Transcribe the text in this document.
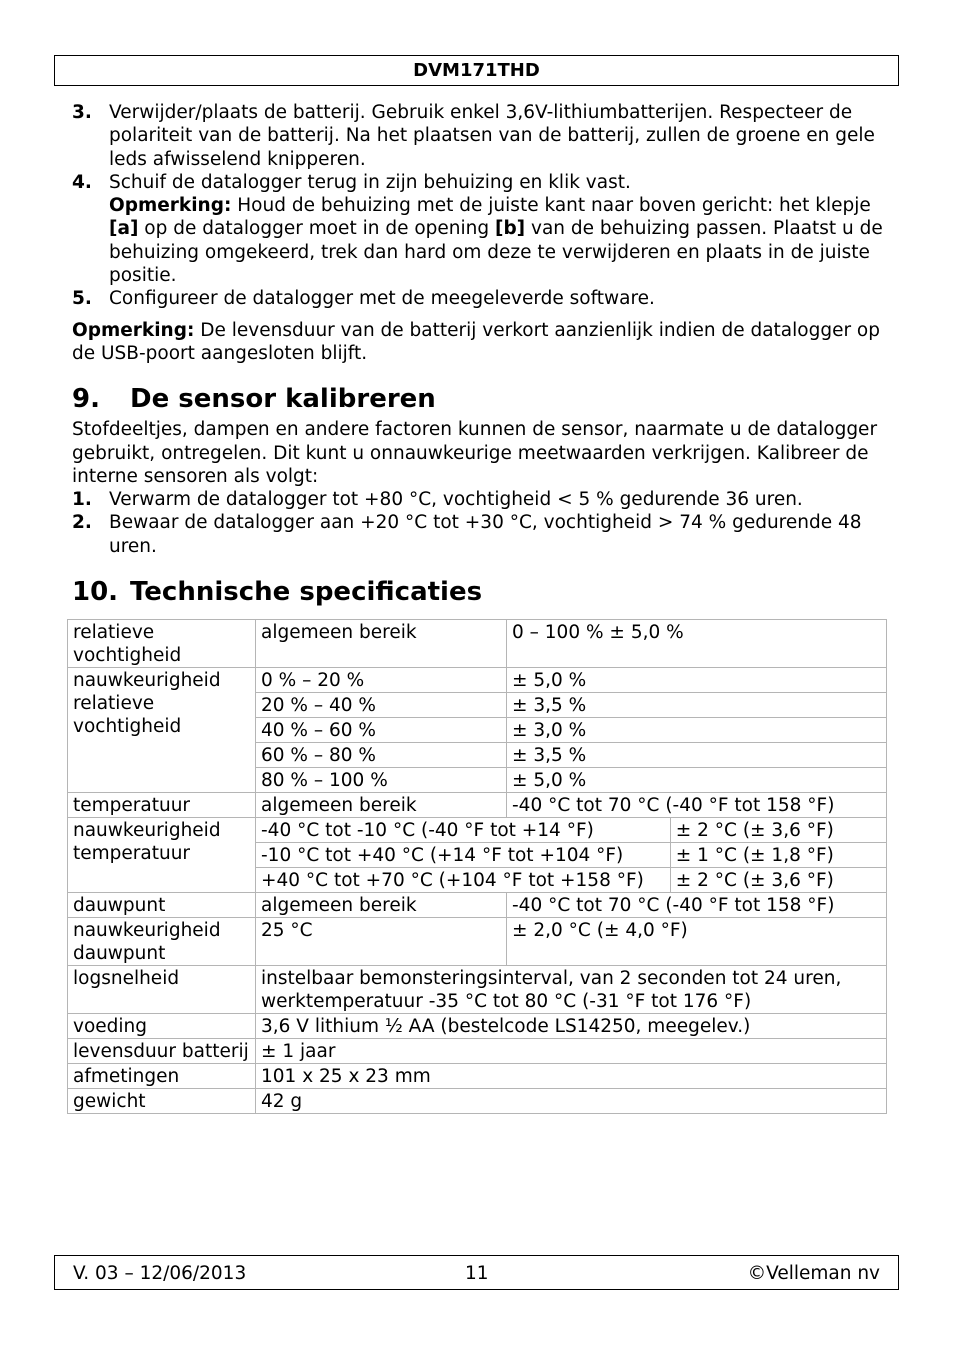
DVM171THD
3. Verwijder/plaats de batterij. Gebruik enkel 3,6V-lithiumbatterijen. Respecteer de polariteit van de batterij. Na het plaatsen van de batterij, zullen de groene en gele leds afwisselend knipperen.
4. Schuif de datalogger terug in zijn behuizing en klik vast.
Opmerking: Houd de behuizing met de juiste kant naar boven gericht: het klepje [a] op de datalogger moet in de opening [b] van de behuizing passen. Plaatst u de behuizing omgekeerd, trek dan hard om deze te verwijderen en plaats in de juiste positie.
5. Configureer de datalogger met de meegeleverde software.

Opmerking: De levensduur van de batterij verkort aanzienlijk indien de datalogger op de USB-poort aangesloten blijft.

9.	De sensor kalibreren

Stofdeeltjes, dampen en andere factoren kunnen de sensor, naarmate u de datalogger gebruikt, ontregelen. Dit kunt u onnauwkeurige meetwaarden verkrijgen. Kalibreer de interne sensoren als volgt:

1. Verwarm de datalogger tot +80 °C, vochtigheid < 5 % gedurende 36 uren.
2. Bewaar de datalogger aan +20 °C tot +30 °C, vochtigheid > 74 % gedurende 48 uren.
10. Technische specificaties
relatieve vochtigheid	algemeen bereik	0 – 100 % ± 5,0 %	
nauwkeurigheid relatieve vochtigheid	0 % – 20 %	± 5,0 %	
	20 % – 40 %	± 3,5 %	
	40 % – 60 %	± 3,0 %	
	60 % – 80 %	± 3,5 %	
	80 % – 100 %	± 5,0 %	
temperatuur	algemeen bereik	-40 °C tot 70 °C (-40 °F tot 158 °F)	
nauwkeurigheid temperatuur	-40 °C tot -10 °C (-40 °F tot +14 °F)		± 2 °C (± 3,6 °F)
	-10 °C tot +40 °C (+14 °F tot +104 °F)		± 1 °C (± 1,8 °F)
	+40 °C tot +70 °C (+104 °F tot +158 °F)		± 2 °C (± 3,6 °F)
dauwpunt	algemeen bereik	-40 °C tot 70 °C (-40 °F tot 158 °F)	
nauwkeurigheid dauwpunt	25 °C	± 2,0 °C (± 4,0 °F)	
logsnelheid	instelbaar bemonsteringsinterval, van 2 seconden tot 24 uren, werktemperatuur -35 °C tot 80 °C (-31 °F tot 176 °F)		
voeding	3,6 V lithium ½ AA (bestelcode LS14250, meegelev.)		
levensduur batterij	± 1 jaar		
afmetingen	101 x 25 x 23 mm		
gewicht	42 g		
V. 03 – 12/06/2013	11	©Velleman nv
